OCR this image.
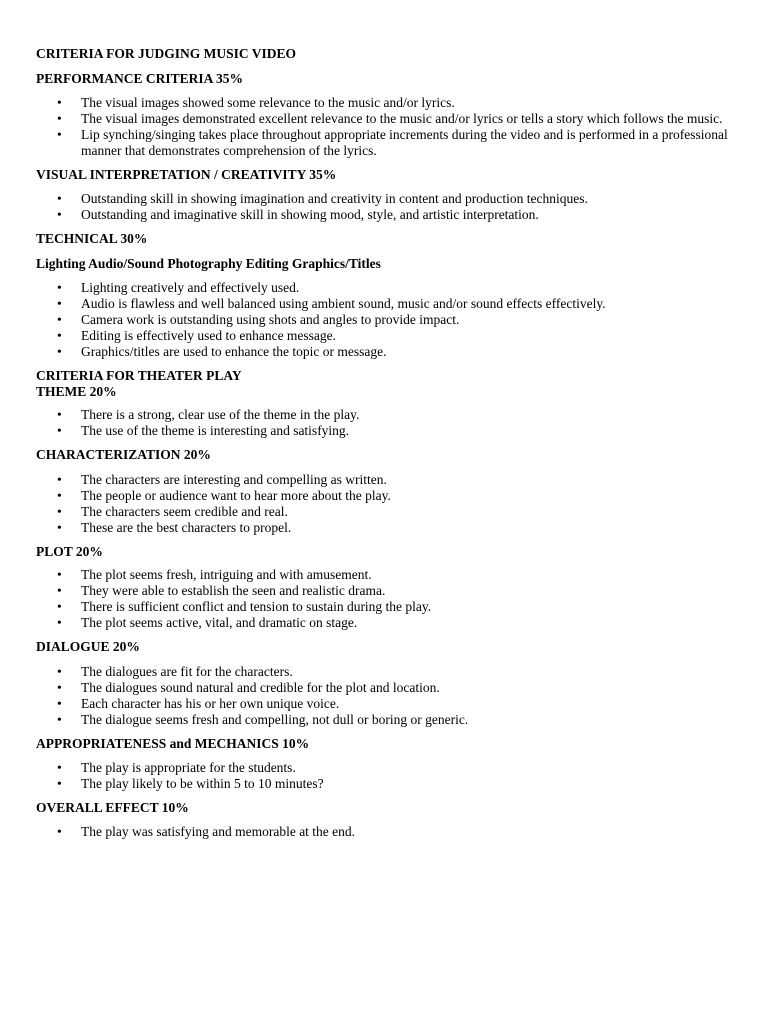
CRITERIA FOR JUDGING MUSIC VIDEO
PERFORMANCE CRITERIA 35%
• The visual images showed some relevance to the music and/or lyrics.
• The visual images demonstrated excellent relevance to the music and/or lyrics or tells a story which follows the music.
• Lip synching/singing takes place throughout appropriate increments during the video and is performed in a professional manner that demonstrates comprehension of the lyrics.
VISUAL INTERPRETATION / CREATIVITY 35%
• Outstanding skill in showing imagination and creativity in content and production techniques.
• Outstanding and imaginative skill in showing mood, style, and artistic interpretation.
TECHNICAL 30%
Lighting Audio/Sound Photography Editing Graphics/Titles
• Lighting creatively and effectively used.
• Audio is flawless and well balanced using ambient sound, music and/or sound effects effectively.
• Camera work is outstanding using shots and angles to provide impact.
• Editing is effectively used to enhance message.
• Graphics/titles are used to enhance the topic or message.
CRITERIA FOR THEATER PLAY
THEME 20%
• There is a strong, clear use of the theme in the play.
• The use of the theme is interesting and satisfying.
CHARACTERIZATION 20%
• The characters are interesting and compelling as written.
• The people or audience want to hear more about the play.
• The characters seem credible and real.
• These are the best characters to propel.
PLOT 20%
• The plot seems fresh, intriguing and with amusement.
• They were able to establish the seen and realistic drama.
• There is sufficient conflict and tension to sustain during the play.
• The plot seems active, vital, and dramatic on stage.
DIALOGUE 20%
• The dialogues are fit for the characters.
• The dialogues sound natural and credible for the plot and location.
• Each character has his or her own unique voice.
• The dialogue seems fresh and compelling, not dull or boring or generic.
APPROPRIATENESS and MECHANICS 10%
• The play is appropriate for the students.
• The play likely to be within 5 to 10 minutes?
OVERALL EFFECT 10%
• The play was satisfying and memorable at the end.
